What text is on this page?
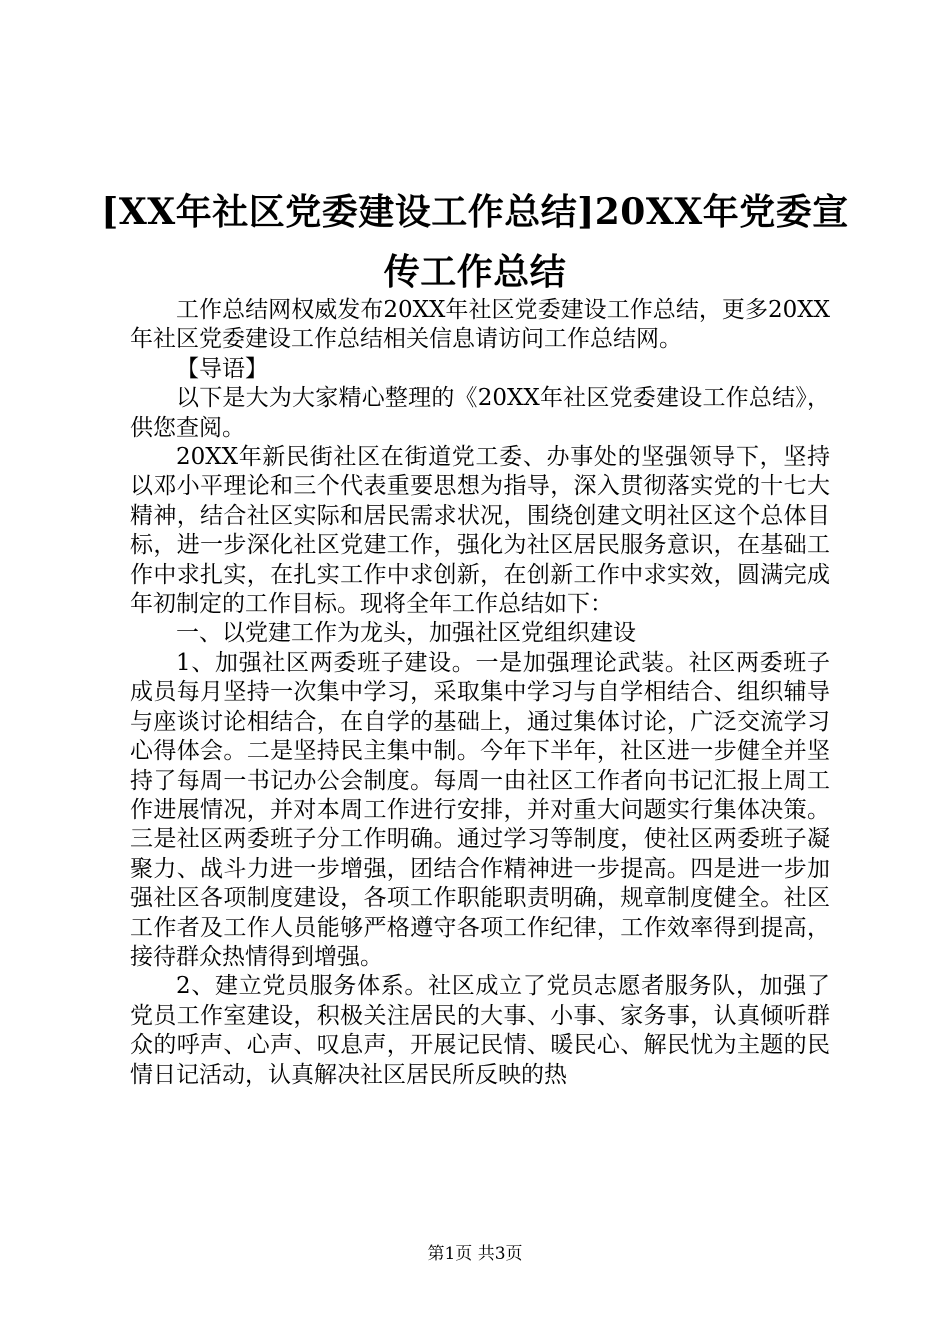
[XX年社区党委建设工作总结]20XX年党委宣
传工作总结

工作总结网权威发布20XX年社区党委建设工作总结，更多20XX年社区党委建设工作总结相关信息请访问工作总结网。

【导语】

以下是大为大家精心整理的《20XX年社区党委建设工作总结》，供您查阅。

20XX年新民街社区在街道党工委、办事处的坚强领导下，坚持以邓小平理论和三个代表重要思想为指导，深入贯彻落实党的十七大精神，结合社区实际和居民需求状况，围绕创建文明社区这个总体目标，进一步深化社区党建工作，强化为社区居民服务意识，在基础工作中求扎实，在扎实工作中求创新，在创新工作中求实效，圆满完成年初制定的工作目标。现将全年工作总结如下：

一、以党建工作为龙头，加强社区党组织建设

1、加强社区两委班子建设。一是加强理论武装。社区两委班子成员每月坚持一次集中学习，采取集中学习与自学相结合、组织辅导与座谈讨论相结合，在自学的基础上，通过集体讨论，广泛交流学习心得体会。二是坚持民主集中制。今年下半年，社区进一步健全并坚持了每周一书记办公会制度。每周一由社区工作者向书记汇报上周工作进展情况，并对本周工作进行安排，并对重大问题实行集体决策。三是社区两委班子分工作明确。通过学习等制度，使社区两委班子凝聚力、战斗力进一步增强，团结合作精神进一步提高。四是进一步加强社区各项制度建设，各项工作职能职责明确，规章制度健全。社区工作者及工作人员能够严格遵守各项工作纪律，工作效率得到提高，接待群众热情得到增强。

2、建立党员服务体系。社区成立了党员志愿者服务队，加强了党员工作室建设，积极关注居民的大事、小事、家务事，认真倾听群众的呼声、心声、叹息声，开展记民情、暖民心、解民忧为主题的民情日记活动，认真解决社区居民所反映的热

第1页 共3页
